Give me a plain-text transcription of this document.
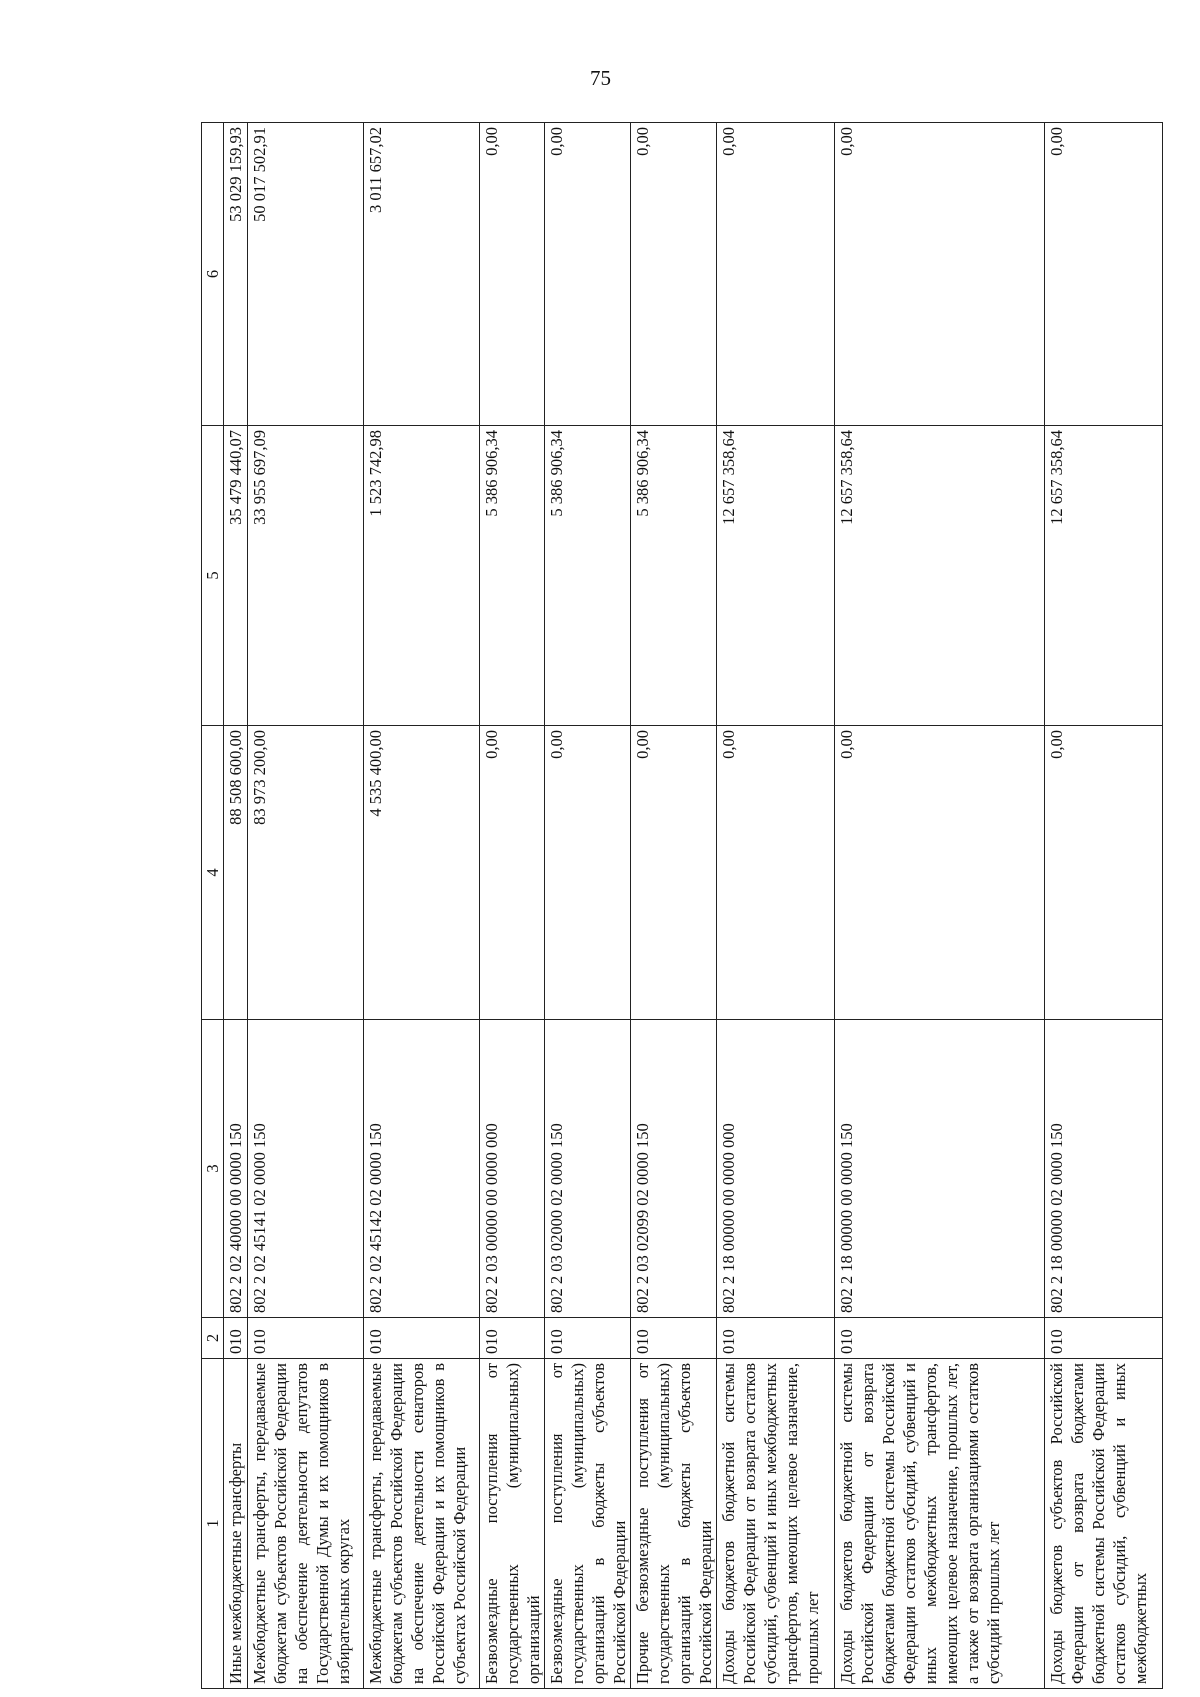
75
1	2	3	4	5	6
Иные межбюджетные трансферты	010	802 2 02 40000 00 0000 150	88 508 600,00	35 479 440,07	53 029 159,93
Межбюджетные трансферты, передаваемые бюджетам субъектов Российской Федерации на обеспечение деятельности депутатов Государственной Думы и их помощников в избирательных округах	010	802 2 02 45141 02 0000 150	83 973 200,00	33 955 697,09	50 017 502,91
Межбюджетные трансферты, передаваемые бюджетам субъектов Российской Федерации на обеспечение деятельности сенаторов Российской Федерации и их помощников в субъектах Российской Федерации	010	802 2 02 45142 02 0000 150	4 535 400,00	1 523 742,98	3 011 657,02
Безвозмездные поступления от государственных (муниципальных) организаций	010	802 2 03 00000 00 0000 000	0,00	5 386 906,34	0,00
Безвозмездные поступления от государственных (муниципальных) организаций в бюджеты субъектов Российской Федерации	010	802 2 03 02000 02 0000 150	0,00	5 386 906,34	0,00
Прочие безвозмездные поступления от государственных (муниципальных) организаций в бюджеты субъектов Российской Федерации	010	802 2 03 02099 02 0000 150	0,00	5 386 906,34	0,00
Доходы бюджетов бюджетной системы Российской Федерации от возврата остатков субсидий, субвенций и иных межбюджетных трансфертов, имеющих целевое назначение, прошлых лет	010	802 2 18 00000 00 0000 000	0,00	12 657 358,64	0,00
Доходы бюджетов бюджетной системы Российской Федерации от возврата бюджетами бюджетной системы Российской Федерации остатков субсидий, субвенций и иных межбюджетных трансфертов, имеющих целевое назначение, прошлых лет, а также от возврата организациями остатков субсидий прошлых лет	010	802 2 18 00000 00 0000 150	0,00	12 657 358,64	0,00
Доходы бюджетов субъектов Российской Федерации от возврата бюджетами бюджетной системы Российской Федерации остатков субсидий, субвенций и иных межбюджетных	010	802 2 18 00000 02 0000 150	0,00	12 657 358,64	0,00
